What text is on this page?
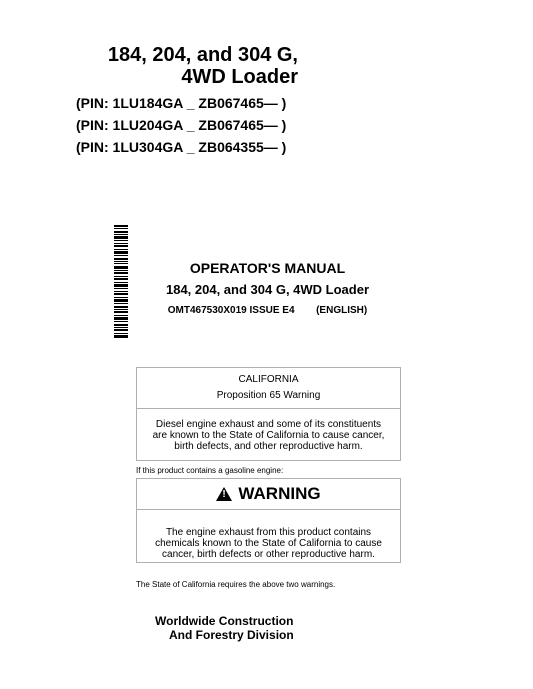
184, 204, and 304 G,
4WD Loader
(PIN: 1LU184GA _ ZB067465— )
(PIN: 1LU204GA _ ZB067465— )
(PIN: 1LU304GA _ ZB064355— )
OPERATOR'S MANUAL
184, 204, and 304 G, 4WD Loader
OMT467530X019 ISSUE E4 (ENGLISH)
CALIFORNIA
Proposition 65 Warning
Diesel engine exhaust and some of its constituents
are known to the State of California to cause cancer,
birth defects, and other reproductive harm.
If this product contains a gasoline engine:
! WARNING
The engine exhaust from this product contains
chemicals known to the State of California to cause
cancer, birth defects or other reproductive harm.
The State of California requires the above two warnings.
Worldwide Construction
And Forestry Division
